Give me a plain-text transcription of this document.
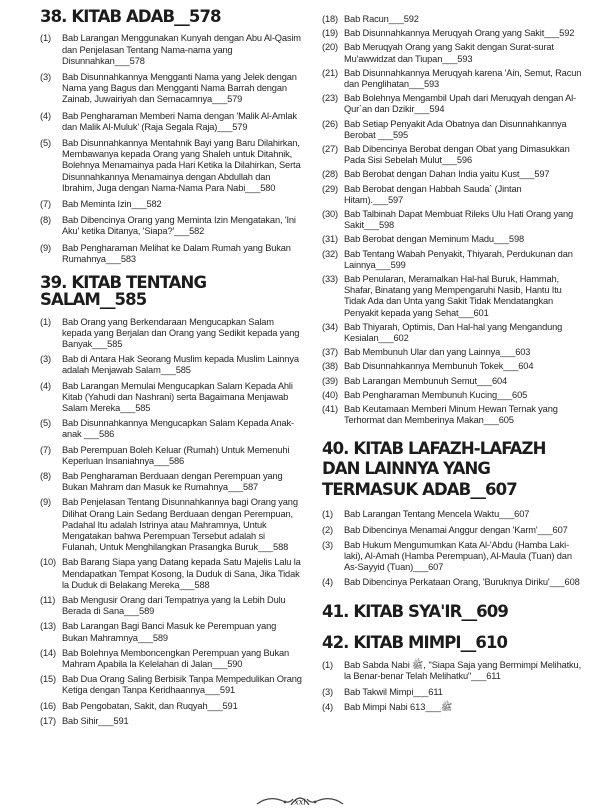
38. KITAB ADAB__578

(1)	Bab Larangan Menggunakan Kunyah dengan Abu Al-Qasim dan Penjelasan Tentang Nama-nama yang Disunnahkan___578

(3)	Bab Disunnahkannya Mengganti Nama yang Jelek dengan Nama yang Bagus dan Mengganti Nama Barrah dengan Zainab, Juwairiyah dan Semacamnya___579

(4)	Bab Pengharaman Memberi Nama dengan 'Malik Al-Amlak dan Malik Al-Muluk' (Raja Segala Raja)___579

(5)	Bab Disunnahkannya Mentahnik Bayi yang Baru Dilahirkan, Membawanya kepada Orang yang Shaleh untuk Ditahnik, Bolehnya Menamainya pada Hari Ketika la Dilahirkan, Serta Disunnahkannya Menamainya dengan Abdullah dan Ibrahim, Juga dengan Nama-Nama Para Nabi___580

(7)	Bab Meminta Izin___582

(8)	Bab Dibencinya Orang yang Meminta Izin Mengatakan, 'Ini Aku' ketika Ditanya, 'Siapa?'___582

(9)	Bab Pengharaman Melihat ke Dalam Rumah yang Bukan Rumahnya___583

39. KITAB TENTANG SALAM__585

(1)	Bab Orang yang Berkendaraan Mengucapkan Salam kepada yang Berjalan dan Orang yang Sedikit kepada yang Banyak___585

(3)	Bab di Antara Hak Seorang Muslim kepada Muslim Lainnya adalah Menjawab Salam___585

(4)	Bab Larangan Memulai Mengucapkan Salam Kepada Ahli Kitab (Yahudi dan Nashrani) serta Bagaimana Menjawab Salam Mereka___585

(5)	Bab Disunnahkannya Mengucapkan Salam Kepada Anak-anak ___586

(7)	Bab Perempuan Boleh Keluar (Rumah) Untuk Memenuhi Keperluan Insaniahnya___586

(8)	Bab Pengharaman Berduaan dengan Perempuan yang Bukan Mahram dan Masuk ke Rumahnya___587

(9)	Bab Penjelasan Tentang Disunnahkannya bagi Orang yang Dilihat Orang Lain Sedang Berduaan dengan Perempuan, Padahal Itu adalah Istrinya atau Mahramnya, Untuk Mengatakan bahwa Perempuan Tersebut adalah si Fulanah, Untuk Menghilangkan Prasangka Buruk___588

(10) Bab Barang Siapa yang Datang kepada Satu Majelis Lalu la Mendapatkan Tempat Kosong, la Duduk di Sana, Jika Tidak la Duduk di Belakang Mereka___588

(11) Bab Mengusir Orang dari Tempatnya yang la Lebih Dulu Berada di Sana___589

(13) Bab Larangan Bagi Banci Masuk ke Perempuan yang Bukan Mahramnya___589

(14) Bab Bolehnya Memboncengkan Perempuan yang Bukan Mahram Apabila la Kelelahan di Jalan___590

(15) Bab Dua Orang Saling Berbisik Tanpa Mempedulikan Orang Ketiga dengan Tanpa Keridhaannya___591

(16) Bab Pengobatan, Sakit, dan Ruqyah___591

(17) Bab Sihir___591

(18) Bab Racun___592

(19) Bab Disunnahkannya Meruqyah Orang yang Sakit___592

(20) Bab Meruqyah Orang yang Sakit dengan Surat-surat Mu'awwidzat dan Tiupan___593

(21) Bab Disunnahkannya Meruqyah karena 'Ain, Semut, Racun dan Penglihatan___593

(23) Bab Bolehnya Mengambil Upah dari Meruqyah dengan Al-Qur`an dan Dzikir___594

(26) Bab Setiap Penyakit Ada Obatnya dan Disunnahkannya Berobat ___595

(27) Bab Dibencinya Berobat dengan Obat yang Dimasukkan Pada Sisi Sebelah Mulut___596

(28) Bab Berobat dengan Dahan India yaitu Kust___597

(29) Bab Berobat dengan Habbah Sauda` (Jintan Hitam).___597

(30) Bab Talbinah Dapat Membuat Rileks Ulu Hati Orang yang Sakit___598

(31) Bab Berobat dengan Meminum Madu___598

(32) Bab Tentang Wabah Penyakit, Thiyarah, Perdukunan dan Lainnya___599

(33) Bab Penularan, Meramalkan Hal-hal Buruk, Hammah, Shafar, Binatang yang Mempengaruhi Nasib, Hantu Itu Tidak Ada dan Unta yang Sakit Tidak Mendatangkan Penyakit kepada yang Sehat___601

(34) Bab Thiyarah, Optimis, Dan Hal-hal yang Mengandung Kesialan___602

(37) Bab Membunuh Ular dan yang Lainnya___603

(38) Bab Disunnahkannya Membunuh Tokek___604

(39) Bab Larangan Membunuh Semut___604

(40) Bab Pengharaman Membunuh Kucing___605

(41) Bab Keutamaan Memberi Minum Hewan Ternak yang Terhormat dan Memberinya Makan___605

40. KITAB LAFAZH-LAFAZH DAN LAINNYA YANG TERMASUK ADAB__607

(1)	Bab Larangan Tentang Mencela Waktu___607

(2)	Bab Dibencinya Menamai Anggur dengan 'Karm'___607

(3)	Bab Hukum Mengumumkan Kata Al-'Abdu (Hamba Laki-laki), Al-Amah (Hamba Perempuan), Al-Maula (Tuan) dan As-Sayyid (Tuan)___607

(4)	Bab Dibencinya Perkataan Orang, 'Buruknya Diriku'___608

41. KITAB SYA'IR__609
42. KITAB MIMPI__610

(1)	Bab Sabda Nabi ﷺ, "Siapa Saja yang Bermimpi Melihatku, la Benar-benar Telah Melihatku"___611

(3)	Bab Takwil Mimpi___611

(4)	Bab Mimpi Nabi ﷺ___613

xxi
